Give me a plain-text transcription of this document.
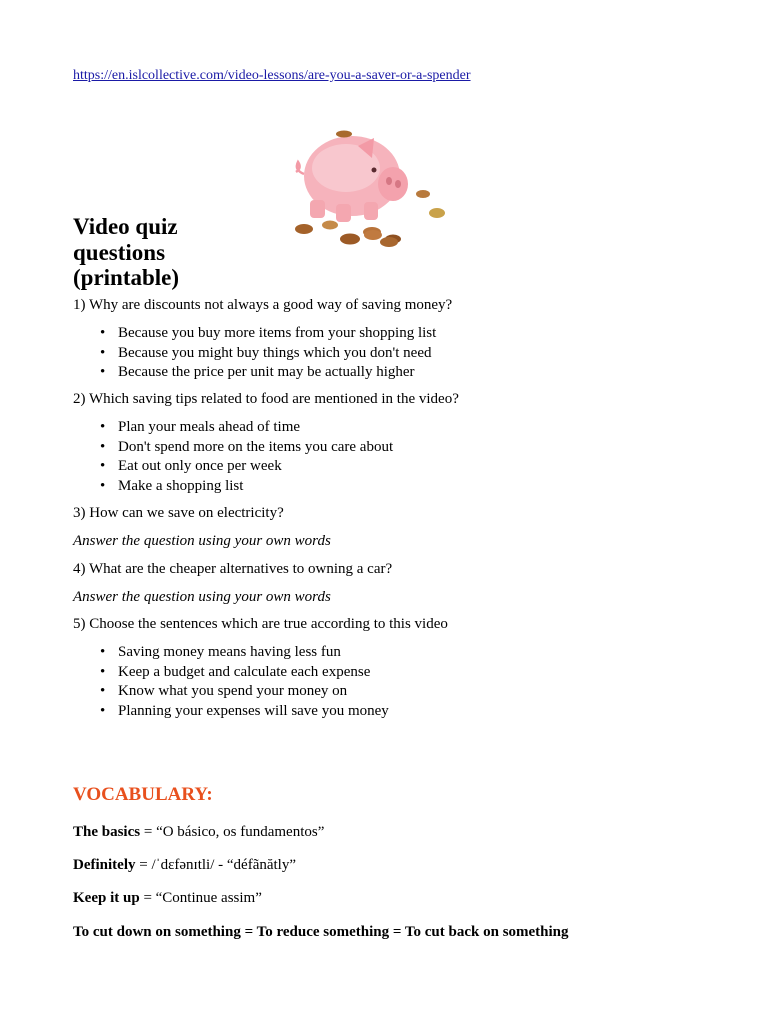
https://en.islcollective.com/video-lessons/are-you-a-saver-or-a-spender
Video quiz questions (printable)

1) Why are discounts not always a good way of saving money?

• Because you buy more items from your shopping list
• Because you might buy things which you don't need
• Because the price per unit may be actually higher

2) Which saving tips related to food are mentioned in the video?

• Plan your meals ahead of time
• Don't spend more on the items you care about
• Eat out only once per week
• Make a shopping list

3) How can we save on electricity?

Answer the question using your own words

4) What are the cheaper alternatives to owning a car?

Answer the question using your own words

5) Choose the sentences which are true according to this video

• Saving money means having less fun
• Keep a budget and calculate each expense
• Know what you spend your money on
• Planning your expenses will save you money

VOCABULARY:

The basics = “O básico, os fundamentos”

Definitely = /ˈdɛfənɪtli/ - “défãnătly”

Keep it up = “Continue assim”

To cut down on something = To reduce something = To cut back on something
